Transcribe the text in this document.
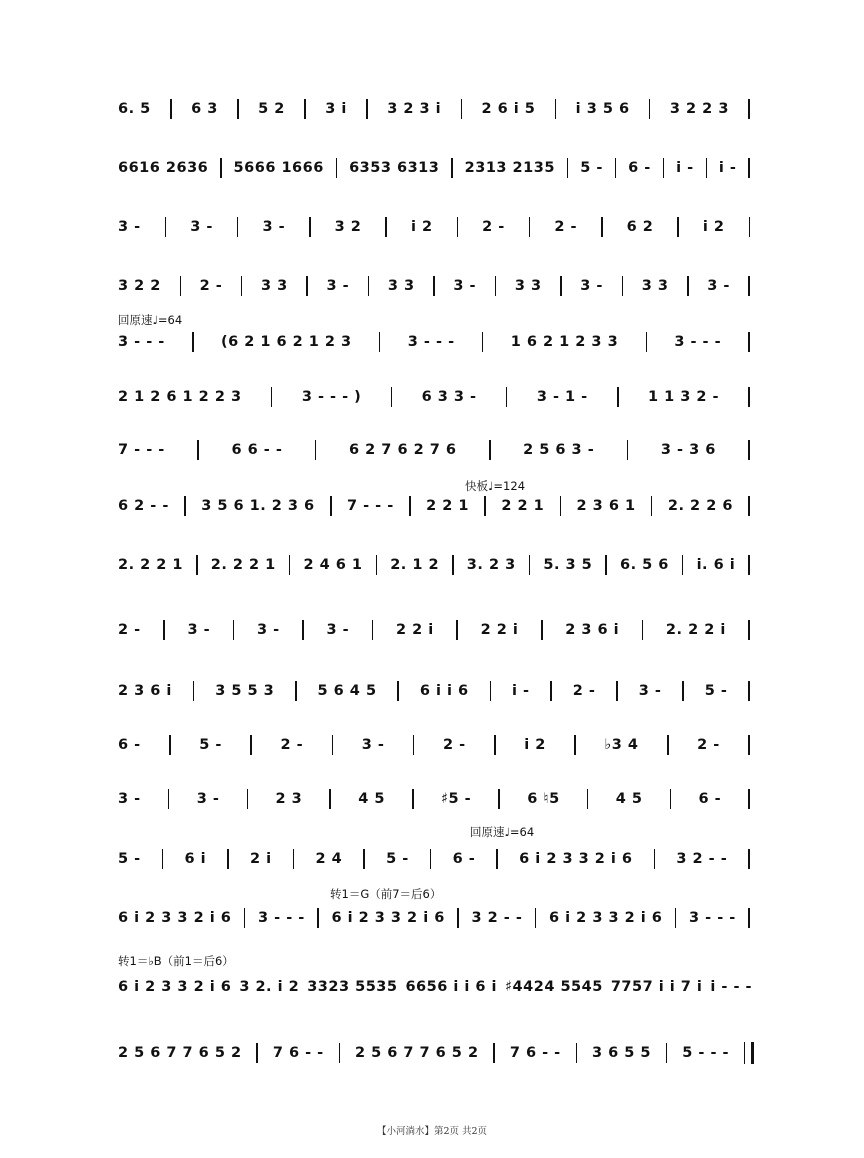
6. 5	6 3	5 2	3 i	3 2 3 i	2 6 i 5	i 3 5 6	3 2 2 3
6616 2636 5666 1666 6353 6313 2313 2135 5 - 6 - i - i -
3 -	3 -	3 -	3 2	i 2	2 -	2 -	6 2	i 2
3 2 2	2 -	3 3	3 -	3 3	3 -	3 3	3 -	3 3	3 -
回原速♩=64
3 - - -	(6 2 1 6 2 1 2 3	3 - - -	1 6 2 1 2 3 3	3 - - -
2 1 2 6 1 2 2 3	3 - - - )	6 3 3 -	3 - 1 -	1 1 3 2 -
7 - - -	6 6 - -	6 2 7 6 2 7 6	2 5 6 3 -	3 - 3 6
快板♩=124
6 2 - - 3 5 6 1. 2 3 6 7 - - - 2 2 1 2 2 1 2 3 6 1 2. 2 2 6
2. 2 2 1 2. 2 2 1 2 4 6 1 2. 1 2 3. 2 3 5. 3 5 6. 5 6 i. 6 i
2 -	3 -	3 -	3 -	2 2 i	2 2 i	2 3 6 i	2. 2 2 i
2 3 6 i	3 5 5 3	5 6 4 5	6 i i 6	i -	2 -	3 -	5 -
6 -	5 -	2 -	3 -	2 -	i 2	♭3 4	2 -
3 -	3 -	2 3	4 5	♯5 -	6 ♮5	4 5	6 -
回原速♩=64
5 -	6 i	2 i	2 4	5 -	6 -	6 i 2 3 3 2 i 6	3 2 - -
转1＝G（前7＝后6）
6 i 2 3 3 2 i 6 3 - - - 6 i 2 3 3 2 i 6 3 2 - - 6 i 2 3 3 2 i 6 3 - - -
转1＝♭B（前1＝后6）
6 i 2 3 3 2 i 6 3 2. i 2 3323 5535 6656 i i 6 i ♯4424 5545 7757 i i 7 i i - - -
2 5 6 7 7 6 5 2 7 6 - - 2 5 6 7 7 6 5 2 7 6 - - 3 6 5 5 5 - - -
【小河淌水】第2页 共2页
